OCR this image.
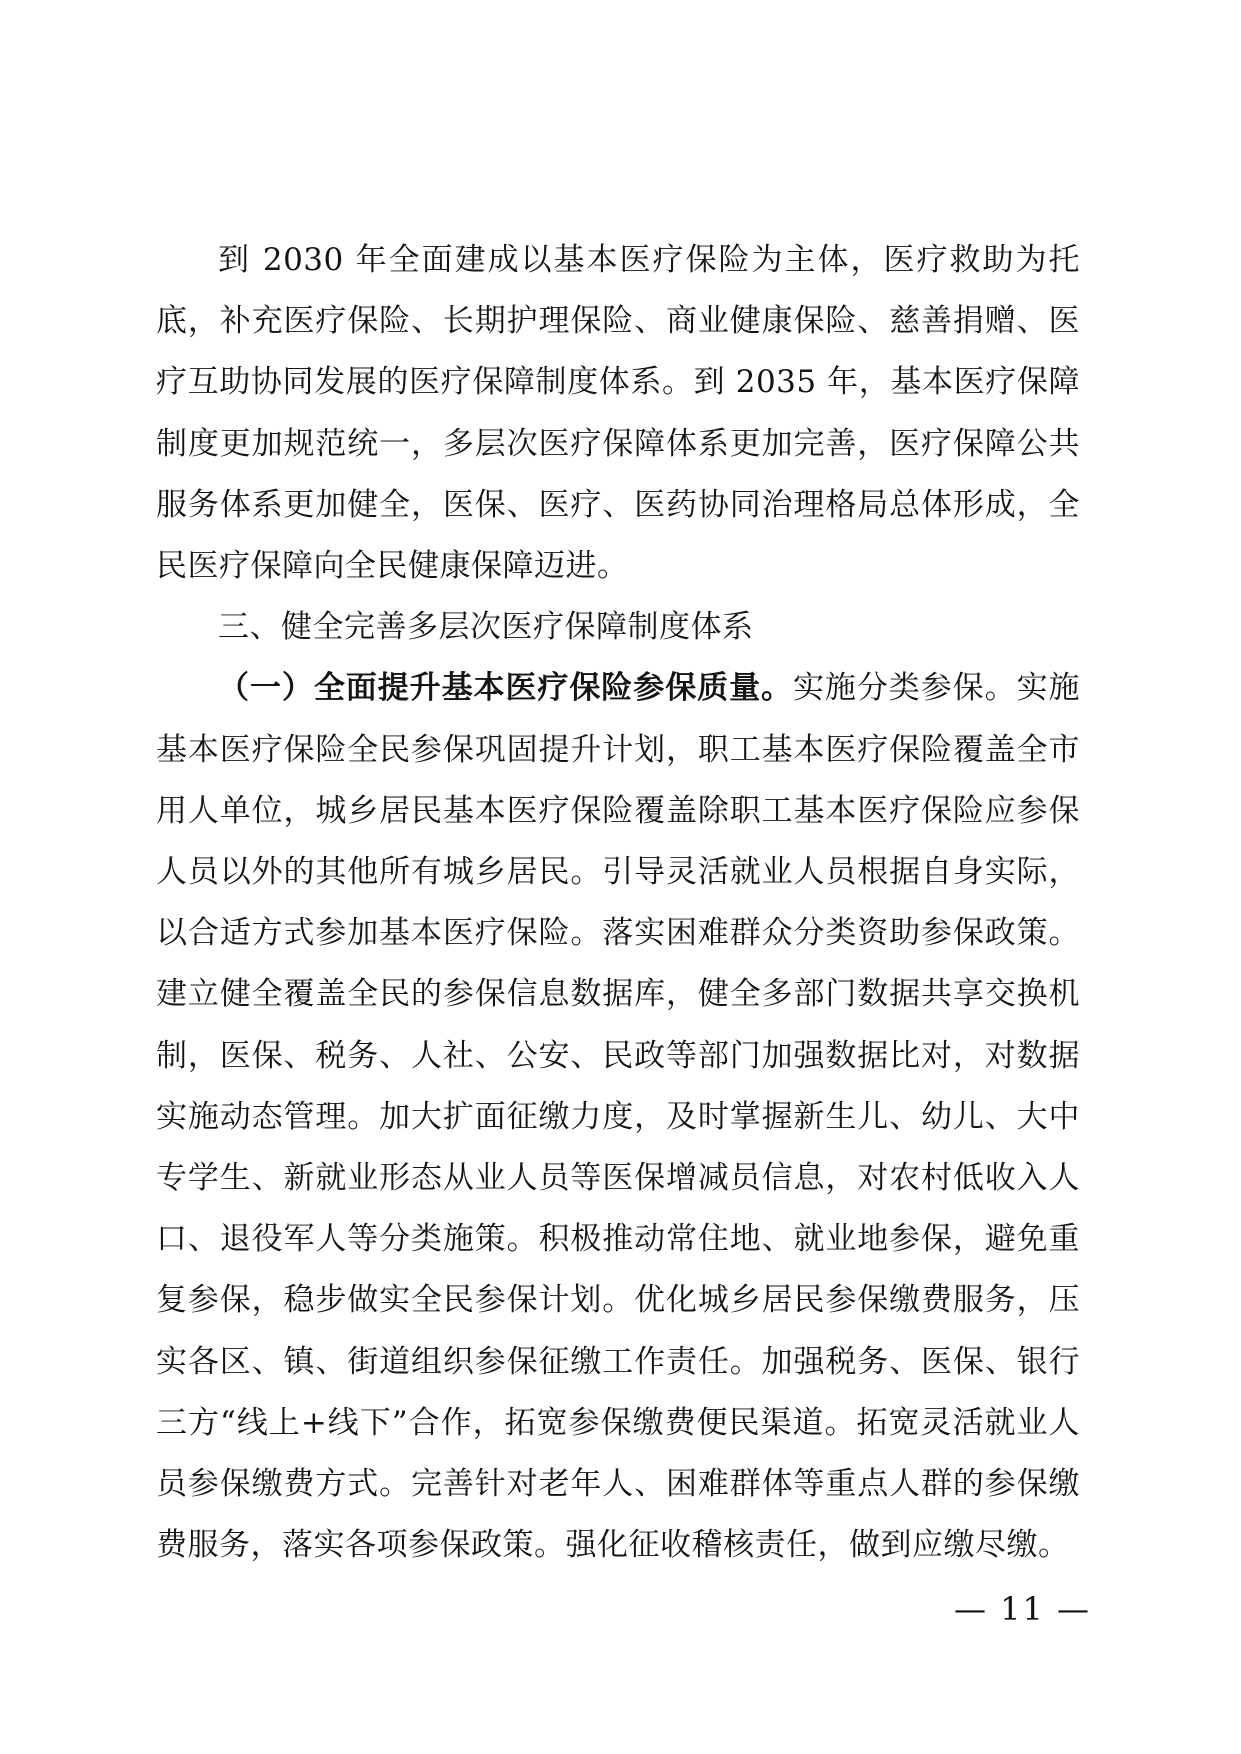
到 2030 年全面建成以基本医疗保险为主体，医疗救助为托底，补充医疗保险、长期护理保险、商业健康保险、慈善捐赠、医疗互助协同发展的医疗保障制度体系。到 2035 年，基本医疗保障制度更加规范统一，多层次医疗保障体系更加完善，医疗保障公共服务体系更加健全，医保、医疗、医药协同治理格局总体形成，全民医疗保障向全民健康保障迈进。

三、健全完善多层次医疗保障制度体系

（一）全面提升基本医疗保险参保质量。实施分类参保。实施基本医疗保险全民参保巩固提升计划，职工基本医疗保险覆盖全市用人单位，城乡居民基本医疗保险覆盖除职工基本医疗保险应参保人员以外的其他所有城乡居民。引导灵活就业人员根据自身实际，以合适方式参加基本医疗保险。落实困难群众分类资助参保政策。建立健全覆盖全民的参保信息数据库，健全多部门数据共享交换机制，医保、税务、人社、公安、民政等部门加强数据比对，对数据实施动态管理。加大扩面征缴力度，及时掌握新生儿、幼儿、大中专学生、新就业形态从业人员等医保增减员信息，对农村低收入人口、退役军人等分类施策。积极推动常住地、就业地参保，避免重复参保，稳步做实全民参保计划。优化城乡居民参保缴费服务，压实各区、镇、街道组织参保征缴工作责任。加强税务、医保、银行三方“线上+线下”合作，拓宽参保缴费便民渠道。拓宽灵活就业人员参保缴费方式。完善针对老年人、困难群体等重点人群的参保缴费服务，落实各项参保政策。强化征收稽核责任，做到应缴尽缴。

— 11 —
